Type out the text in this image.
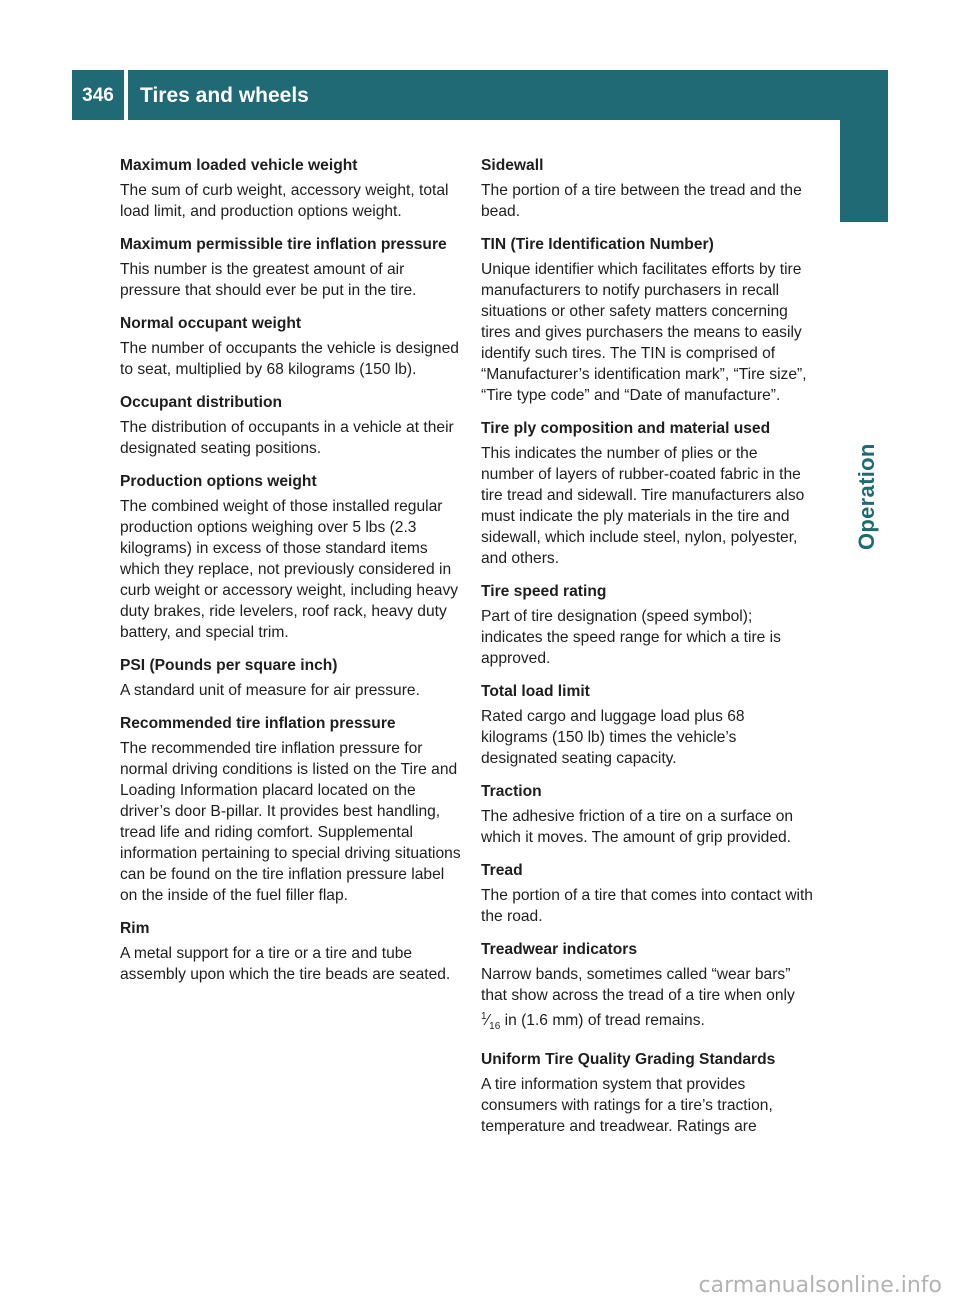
346	Tires and wheels
Operation

Maximum loaded vehicle weight

The sum of curb weight, accessory weight, total load limit, and production options weight.

Maximum permissible tire inflation pressure

This number is the greatest amount of air pressure that should ever be put in the tire.

Normal occupant weight

The number of occupants the vehicle is designed to seat, multiplied by 68 kilograms (150 lb).

Occupant distribution

The distribution of occupants in a vehicle at their designated seating positions.

Production options weight

The combined weight of those installed regular production options weighing over 5 lbs (2.3 kilograms) in excess of those standard items which they replace, not previously considered in curb weight or accessory weight, including heavy duty brakes, ride levelers, roof rack, heavy duty battery, and special trim.

PSI (Pounds per square inch)

A standard unit of measure for air pressure.

Recommended tire inflation pressure

The recommended tire inflation pressure for normal driving conditions is listed on the Tire and Loading Information placard located on the driver’s door B-pillar. It provides best handling, tread life and riding comfort. Supplemental information pertaining to special driving situations can be found on the tire inflation pressure label on the inside of the fuel filler flap.

Rim

A metal support for a tire or a tire and tube assembly upon which the tire beads are seated.

Sidewall

The portion of a tire between the tread and the bead.

TIN (Tire Identification Number)

Unique identifier which facilitates efforts by tire manufacturers to notify purchasers in recall situations or other safety matters concerning tires and gives purchasers the means to easily identify such tires. The TIN is comprised of “Manufacturer’s identification mark”, “Tire size”, “Tire type code” and “Date of manufacture”.

Tire ply composition and material used

This indicates the number of plies or the number of layers of rubber-coated fabric in the tire tread and sidewall. Tire manufacturers also must indicate the ply materials in the tire and sidewall, which include steel, nylon, polyester, and others.

Tire speed rating

Part of tire designation (speed symbol); indicates the speed range for which a tire is approved.

Total load limit

Rated cargo and luggage load plus 68 kilograms (150 lb) times the vehicle’s designated seating capacity.

Traction

The adhesive friction of a tire on a surface on which it moves. The amount of grip provided.

Tread

The portion of a tire that comes into contact with the road.

Treadwear indicators

Narrow bands, sometimes called “wear bars” that show across the tread of a tire when only $^1⁄_{16}$ in (1.6 mm) of tread remains.

Uniform Tire Quality Grading Standards

A tire information system that provides consumers with ratings for a tire’s traction, temperature and treadwear. Ratings are

carmanualsonline.info
